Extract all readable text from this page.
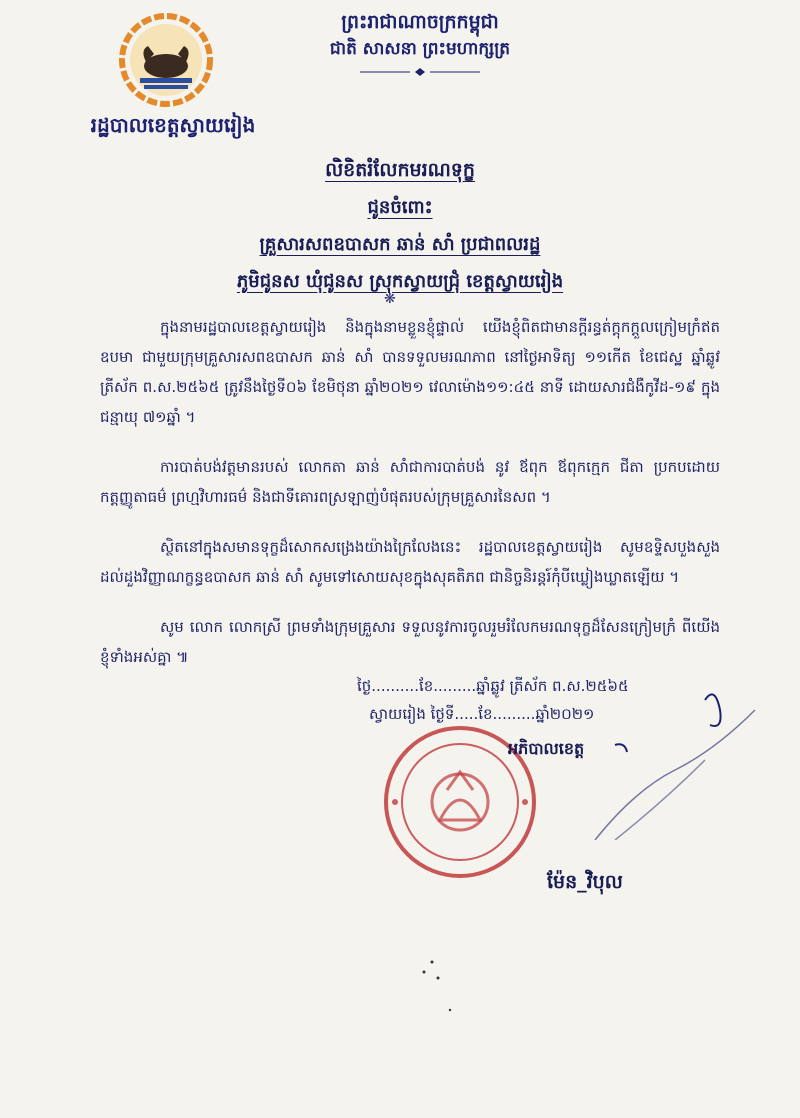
រដ្ឋបាលខេត្តស្វាយរៀង
ព្រះរាជាណាចក្រកម្ពុជា
ជាតិ សាសនា ព្រះមហាក្សត្រ
លិខិតរំលែកមរណទុក្ខ
ជូនចំពោះ
គ្រួសារសពឧបាសក ឆាន់ សាំ ប្រជាពលរដ្ឋ
ភូមិជូនស ឃុំជូនស ស្រុកស្វាយជ្រុំ ខេត្តស្វាយរៀង
❋

ក្នុងនាមរដ្ឋបាលខេត្តស្វាយរៀង និងក្នុងនាមខ្លួនខ្ញុំផ្ទាល់ យើងខ្ញុំពិតជាមានក្តីរន្ធត់ក្តុកក្តួលក្រៀមក្រំឥតឧបមា ជាមួយក្រុមគ្រួសារសពឧបាសក ឆាន់ សាំ បានទទួលមរណភាព នៅថ្ងៃអាទិត្យ ១១កើត ខែជេស្ឋ ឆ្នាំឆ្លូវ ត្រីស័ក ព.ស.២៥៦៥ ត្រូវនឹងថ្ងៃទី០៦ ខែមិថុនា ឆ្នាំ២០២១ វេលាម៉ោង១១:៤៥ នាទី ដោយសារជំងឺកូវីដ-១៩ ក្នុងជន្មាយុ ៧១ឆ្នាំ ។

ការបាត់បង់វត្តមានរបស់ លោកតា ឆាន់ សាំជាការបាត់បង់ នូវ ឪពុក ឪពុកក្មេក ជីតា ប្រកបដោយកត្តញ្ញូតាធម៌ ព្រហ្មវិហារធម៌ និងជាទីគោរពស្រឡាញ់បំផុតរបស់ក្រុមគ្រួសារនៃសព ។

ស្ថិតនៅក្នុងសមានទុក្ខដ៏សោកសង្រេងយ៉ាងក្រៃលែងនេះ រដ្ឋបាលខេត្តស្វាយរៀង សូមឧទ្ទិសបួងសួងដល់ដួងវិញ្ញាណក្ខន្ធឧបាសក ឆាន់ សាំ សូមទៅសោយសុខក្នុងសុគតិភព ជានិច្ចនិរន្តរ៍កុំបីឃ្លៀងឃ្លាតឡើយ ។

សូម លោក លោកស្រី ព្រមទាំងក្រុមគ្រួសារ ទទួលនូវការចូលរួមរំលែកមរណទុក្ខដ៏សែនក្រៀមក្រំ ពីយើងខ្ញុំទាំងអស់គ្នា ៕

ថ្ងៃ..........ខែ.........ឆ្នាំឆ្លូវ ត្រីស័ក ព.ស.២៥៦៥
ស្វាយរៀង ថ្ងៃទី.....ខែ.........ឆ្នាំ២០២១
អភិបាលខេត្ត
ម៉ែន_វិបុល
